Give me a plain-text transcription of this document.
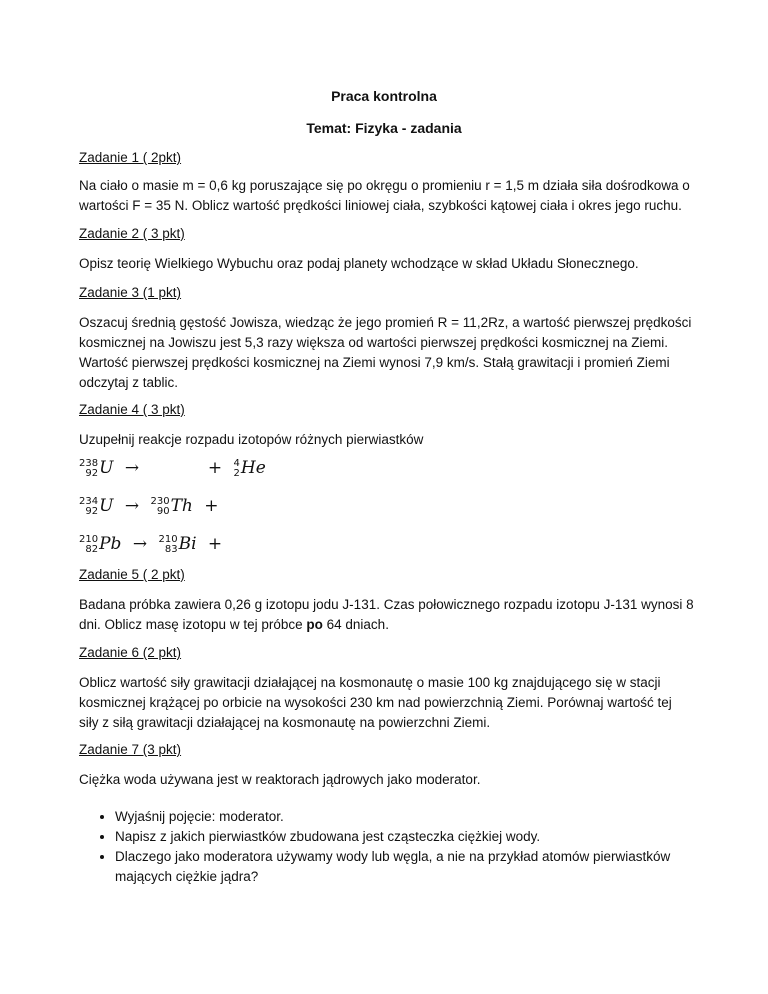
Praca kontrolna
Temat: Fizyka - zadania
Zadanie 1 ( 2pkt)
Na ciało o masie m = 0,6 kg poruszające się po okręgu o promieniu r = 1,5 m działa siła dośrodkowa o
wartości F = 35 N. Oblicz wartość prędkości liniowej ciała, szybkości kątowej ciała i okres jego ruchu.
Zadanie 2 ( 3 pkt)
Opisz teorię Wielkiego Wybuchu oraz podaj planety wchodzące w skład Układu Słonecznego.
Zadanie 3 (1 pkt)
Oszacuj średnią gęstość Jowisza, wiedząc że jego promień R = 11,2Rz, a wartość pierwszej prędkości
kosmicznej na Jowiszu jest 5,3 razy większa od wartości pierwszej prędkości kosmicznej na Ziemi.
Wartość pierwszej prędkości kosmicznej na Ziemi wynosi 7,9 km/s. Stałą grawitacji i promień Ziemi
odczytaj z tablic.
Zadanie 4 ( 3 pkt)
Uzupełnij reakcje rozpadu izotopów różnych pierwiastków
238
92 U →	+ 4
2 He
234
92 U → 230
90 Th +
210
82 Pb → 210
83 Bi +
Zadanie 5 ( 2 pkt)
Badana próbka zawiera 0,26 g izotopu jodu J-131. Czas połowicznego rozpadu izotopu J-131 wynosi 8
dni. Oblicz masę izotopu w tej próbce po 64 dniach.
Zadanie 6 (2 pkt)
Oblicz wartość siły grawitacji działającej na kosmonautę o masie 100 kg znajdującego się w stacji
kosmicznej krążącej po orbicie na wysokości 230 km nad powierzchnią Ziemi. Porównaj wartość tej
siły z siłą grawitacji działającej na kosmonautę na powierzchni Ziemi.
Zadanie 7 (3 pkt)
Ciężka woda używana jest w reaktorach jądrowych jako moderator.
• Wyjaśnij pojęcie: moderator.
• Napisz z jakich pierwiastków zbudowana jest cząsteczka ciężkiej wody.
• Dlaczego jako moderatora używamy wody lub węgla, a nie na przykład atomów pierwiastków
mających ciężkie jądra?
